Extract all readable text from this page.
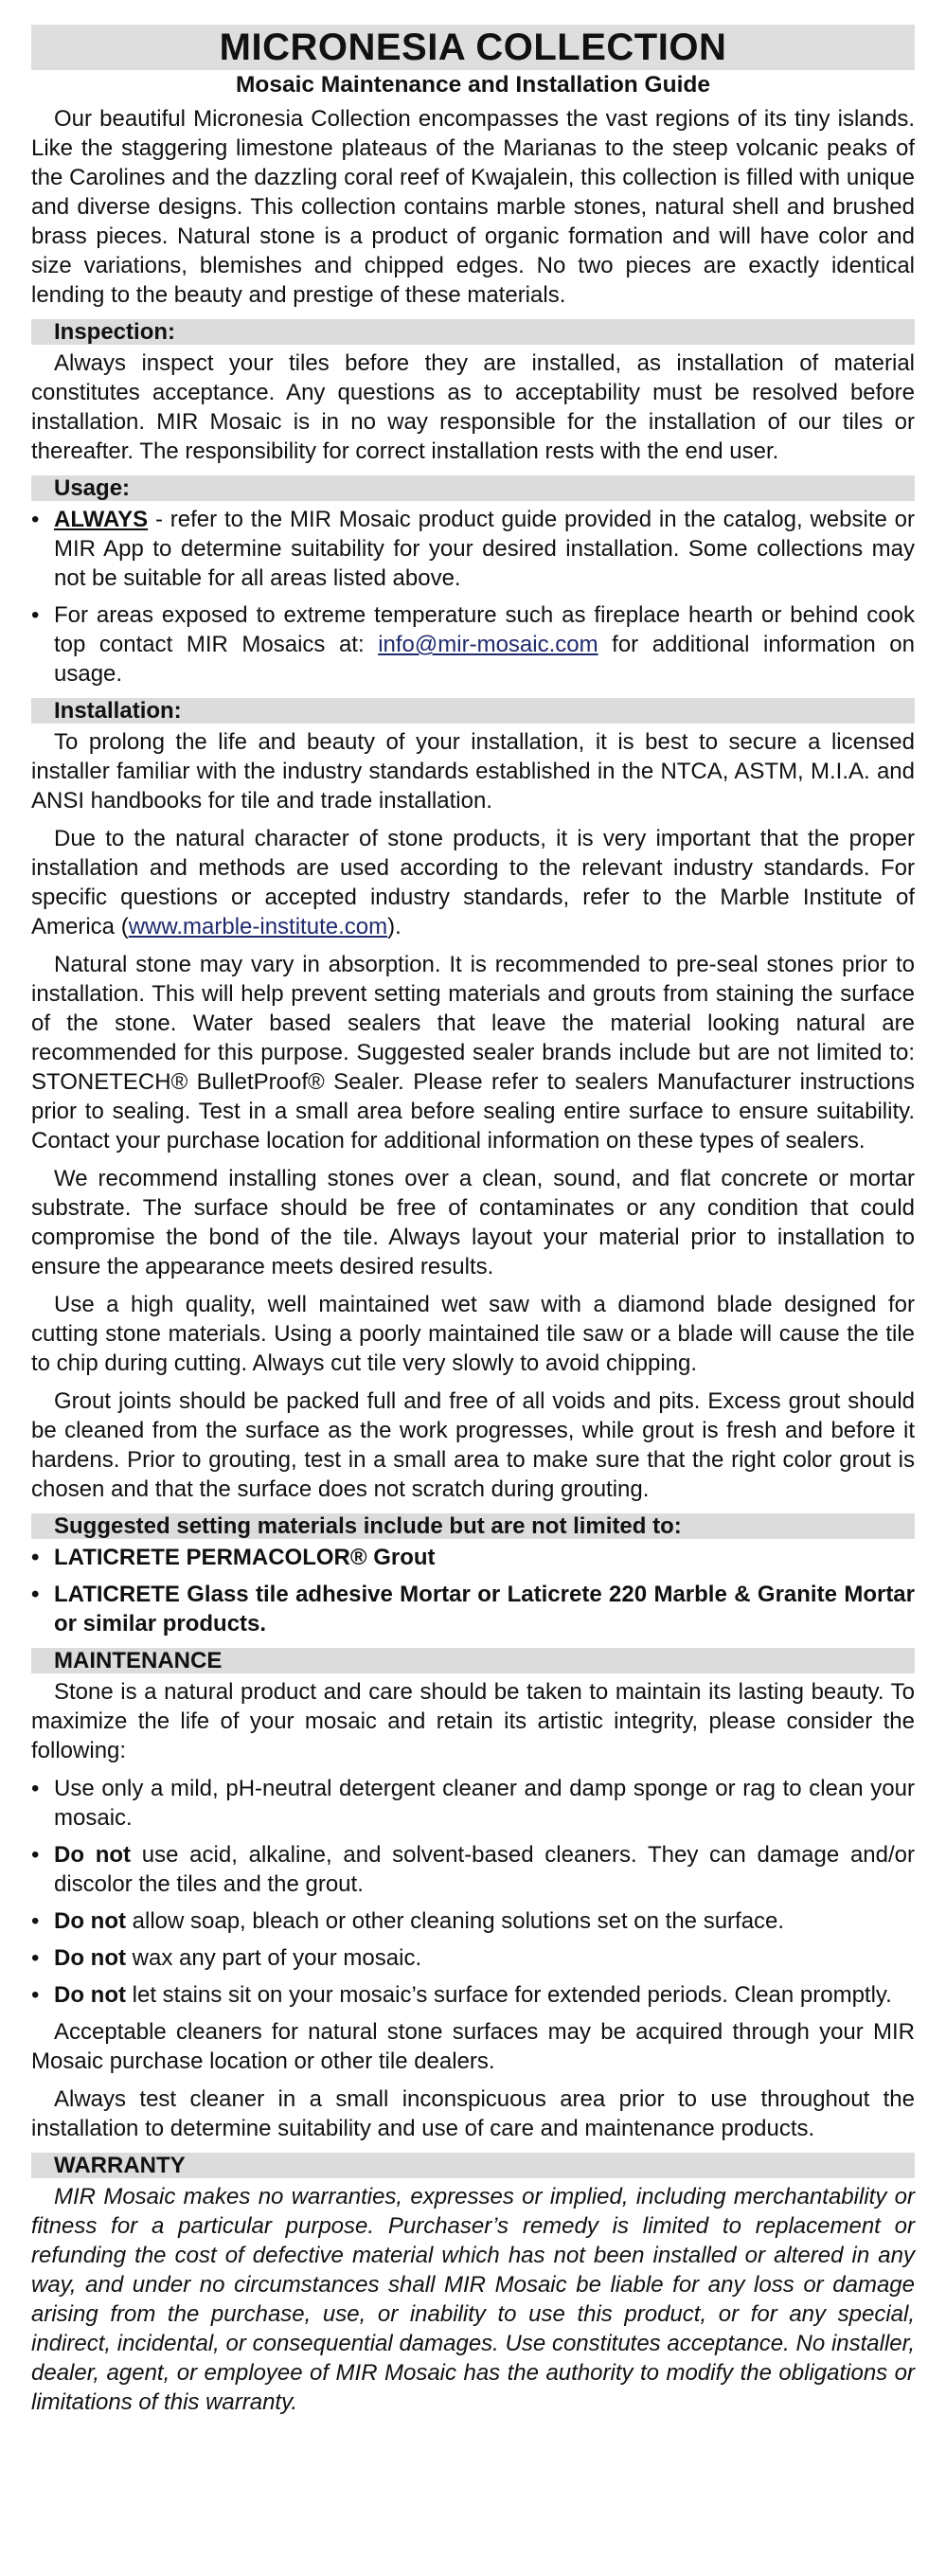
MICRONESIA COLLECTION
Mosaic Maintenance and Installation Guide

Our beautiful Micronesia Collection encompasses the vast regions of its tiny islands. Like the staggering limestone plateaus of the Marianas to the steep volcanic peaks of the Carolines and the dazzling coral reef of Kwajalein, this collection is filled with unique and diverse designs. This collection contains marble stones, natural shell and brushed brass pieces. Natural stone is a product of organic formation and will have color and size variations, blemishes and chipped edges. No two pieces are exactly identical lending to the beauty and prestige of these materials.

Inspection:

Always inspect your tiles before they are installed, as installation of material constitutes acceptance. Any questions as to acceptability must be resolved before installation. MIR Mosaic is in no way responsible for the installation of our tiles or thereafter. The responsibility for correct installation rests with the end user.

Usage:
• ALWAYS - refer to the MIR Mosaic product guide provided in the catalog, website or MIR App to determine suitability for your desired installation. Some collections may not be suitable for all areas listed above.
• For areas exposed to extreme temperature such as fireplace hearth or behind cook top contact MIR Mosaics at: info@mir-mosaic.com for additional information on usage.
Installation:

To prolong the life and beauty of your installation, it is best to secure a licensed installer familiar with the industry standards established in the NTCA, ASTM, M.I.A. and ANSI handbooks for tile and trade installation.

Due to the natural character of stone products, it is very important that the proper installation and methods are used according to the relevant industry standards. For specific questions or accepted industry standards, refer to the Marble Institute of America (www.marble-institute.com).

Natural stone may vary in absorption. It is recommended to pre-seal stones prior to installation. This will help prevent setting materials and grouts from staining the surface of the stone. Water based sealers that leave the material looking natural are recommended for this purpose. Suggested sealer brands include but are not limited to: STONETECH® BulletProof® Sealer. Please refer to sealers Manufacturer instructions prior to sealing. Test in a small area before sealing entire surface to ensure suitability. Contact your purchase location for additional information on these types of sealers.

We recommend installing stones over a clean, sound, and flat concrete or mortar substrate. The surface should be free of contaminates or any condition that could compromise the bond of the tile. Always layout your material prior to installation to ensure the appearance meets desired results.

Use a high quality, well maintained wet saw with a diamond blade designed for cutting stone materials. Using a poorly maintained tile saw or a blade will cause the tile to chip during cutting. Always cut tile very slowly to avoid chipping.

Grout joints should be packed full and free of all voids and pits. Excess grout should be cleaned from the surface as the work progresses, while grout is fresh and before it hardens. Prior to grouting, test in a small area to make sure that the right color grout is chosen and that the surface does not scratch during grouting.

Suggested setting materials include but are not limited to:
• LATICRETE PERMACOLOR® Grout
• LATICRETE Glass tile adhesive Mortar or Laticrete 220 Marble & Granite Mortar or similar products.
MAINTENANCE

Stone is a natural product and care should be taken to maintain its lasting beauty. To maximize the life of your mosaic and retain its artistic integrity, please consider the following:

• Use only a mild, pH-neutral detergent cleaner and damp sponge or rag to clean your mosaic.
• Do not use acid, alkaline, and solvent-based cleaners. They can damage and/or discolor the tiles and the grout.
• Do not allow soap, bleach or other cleaning solutions set on the surface.
• Do not wax any part of your mosaic.
• Do not let stains sit on your mosaic’s surface for extended periods. Clean promptly.

Acceptable cleaners for natural stone surfaces may be acquired through your MIR Mosaic purchase location or other tile dealers.

Always test cleaner in a small inconspicuous area prior to use throughout the installation to determine suitability and use of care and maintenance products.

WARRANTY

MIR Mosaic makes no warranties, expresses or implied, including merchantability or fitness for a particular purpose. Purchaser’s remedy is limited to replacement or refunding the cost of defective material which has not been installed or altered in any way, and under no circumstances shall MIR Mosaic be liable for any loss or damage arising from the purchase, use, or inability to use this product, or for any special, indirect, incidental, or consequential damages. Use constitutes acceptance. No installer, dealer, agent, or employee of MIR Mosaic has the authority to modify the obligations or limitations of this warranty.
